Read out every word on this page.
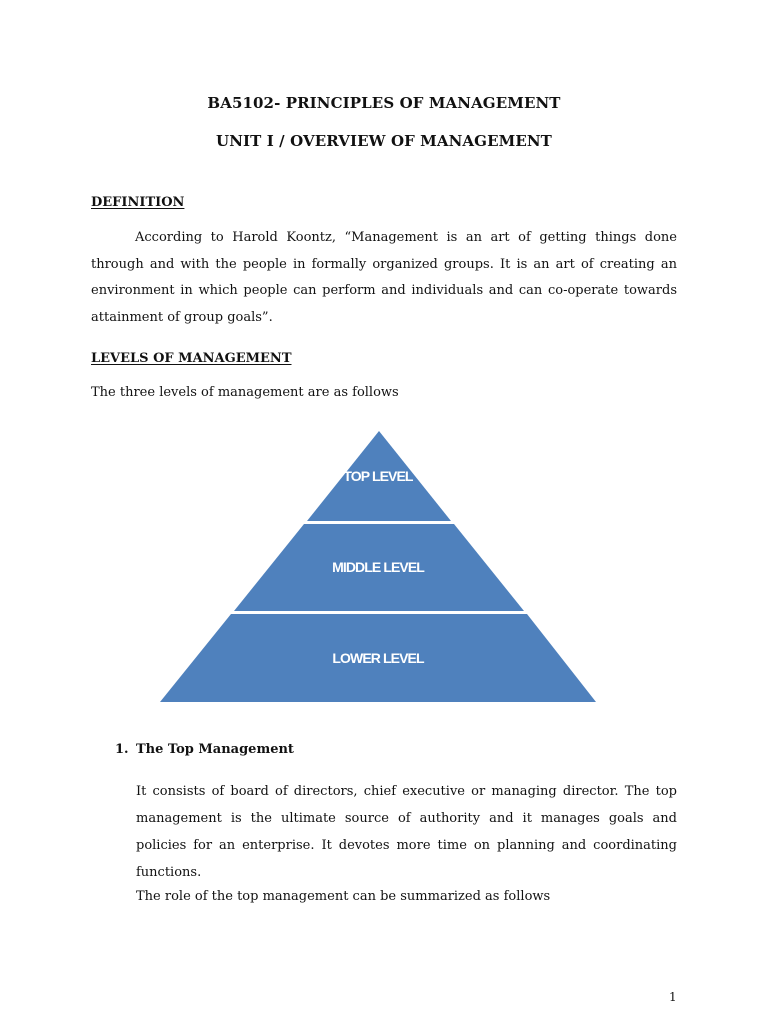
BA5102- PRINCIPLES OF MANAGEMENT
UNIT I / OVERVIEW OF MANAGEMENT
DEFINITION
According to Harold Koontz, “Management is an art of getting things done through and with the people in formally organized groups. It is an art of creating an environment in which people can perform and individuals and can co-operate towards attainment of group goals”.
LEVELS OF MANAGEMENT
The three levels of management are as follows
TOP LEVEL
MIDDLE LEVEL
LOWER LEVEL
1. The Top Management
It consists of board of directors, chief executive or managing director. The top management is the ultimate source of authority and it manages goals and policies for an enterprise. It devotes more time on planning and coordinating functions.
The role of the top management can be summarized as follows
1
